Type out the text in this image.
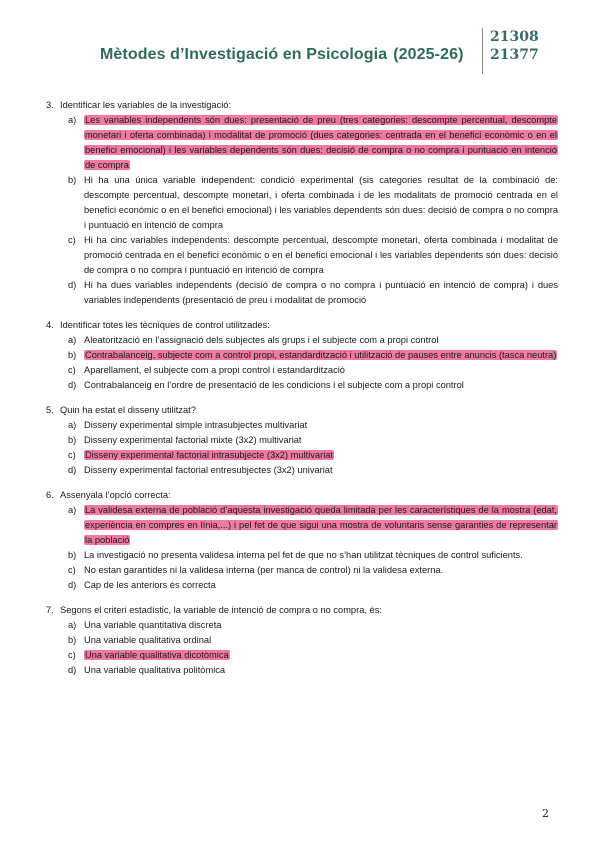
Mètodes d’Investigació en Psicologia (2025-26)
21308
21377
3. Identificar les variables de la investigació:
a) Les variables independents són dues: presentació de preu (tres categories: descompte percentual, descompte monetari i oferta combinada) i modalitat de promoció (dues categories: centrada en el benefici econòmic o en el benefici emocional) i les variables dependents són dues: decisió de compra o no compra i puntuació en intenció de compra
b) Hi ha una única variable independent: condició experimental (sis categories resultat de la combinació de: descompte percentual, descompte monetari, i oferta combinada i de les modalitats de promoció centrada en el benefici econòmic o en el benefici emocional) i les variables dependents són dues: decisió de compra o no compra i puntuació en intenció de compra
c) Hi ha cinc variables independents: descompte percentual, descompte monetari, oferta combinada i modalitat de promoció centrada en el benefici econòmic o en el benefici emocional i les variables dependents són dues: decisió de compra o no compra i puntuació en intenció de compra
d) Hi ha dues variables independents (decisió de compra o no compra i puntuació en intenció de compra) i dues variables independents (presentació de preu i modalitat de promoció
4. Identificar totes les tècniques de control utilitzades:
a) Aleatorització en l’assignació dels subjectes als grups i el subjecte com a propi control
b) Contrabalanceig, subjecte com a control propi, estandardització i utilització de pauses entre anuncis (tasca neutra)
c) Aparellament, el subjecte com a propi control i estandardització
d) Contrabalanceig en l’ordre de presentació de les condicions i el subjecte com a propi control
5. Quin ha estat el disseny utilitzat?
a) Disseny experimental simple intrasubjectes multivariat
b) Disseny experimental factorial mixte (3x2) multivariat
c) Disseny experimental factorial intrasubjecte (3x2) multivariat
d) Disseny experimental factorial entresubjectes (3x2) univariat
6. Assenyala l’opció correcta:
a) La validesa externa de població d’aquesta investigació queda limitada per les característiques de la mostra (edat, experiència en compres en línia,...) i pel fet de que sigui una mostra de voluntaris sense garanties de representar la població
b) La investigació no presenta validesa interna pel fet de que no s’han utilitzat tècniques de control suficients.
c) No estan garantides ni la validesa interna (per manca de control) ni la validesa externa.
d) Cap de les anteriors és correcta
7. Segons el criteri estadístic, la variable de intenció de compra o no compra, és:
a) Una variable quantitativa discreta
b) Una variable qualitativa ordinal
c) Una variable qualitativa dicotòmica
d) Una variable qualitativa politòmica
2
